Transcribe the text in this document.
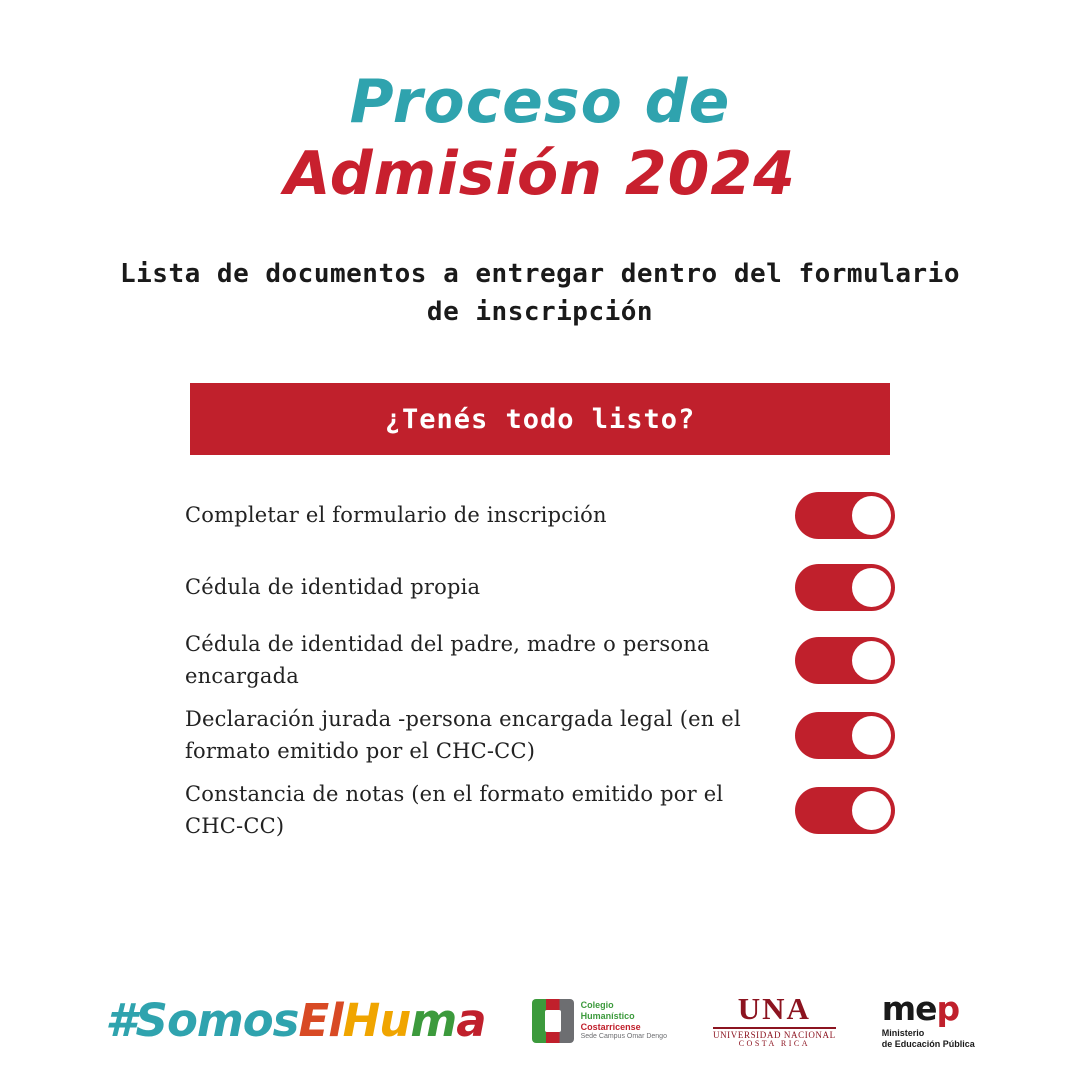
Proceso de
Admisión 2024
Lista de documentos a entregar dentro del formulario de inscripción
¿Tenés todo listo?
Completar el formulario de inscripción
Cédula de identidad propia
Cédula de identidad del padre, madre o persona encargada
Declaración jurada -persona encargada legal (en el formato emitido por el CHC-CC)
Constancia de notas (en el formato emitido por el CHC-CC)
#SomosElHuma	Colegio
Humanístico
Costarricense
Sede Campus Omar Dengo
UNA
UNIVERSIDAD NACIONAL
COSTA RICA
mep
Ministerio
de Educación Pública
